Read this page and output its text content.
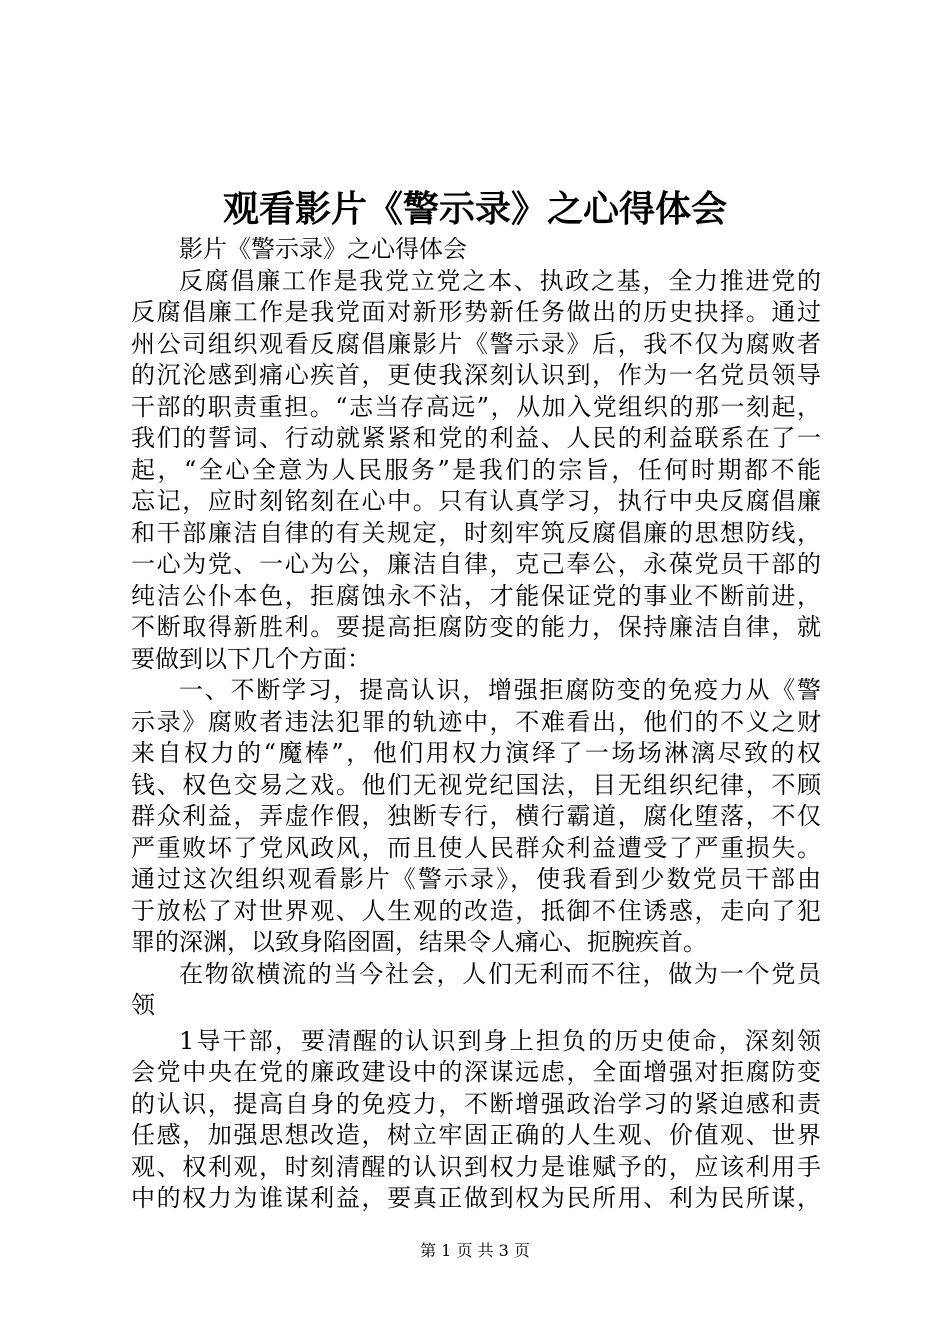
观看影片《警示录》之心得体会
影片《警示录》之心得体会
反腐倡廉工作是我党立党之本、执政之基，全力推进党的
反腐倡廉工作是我党面对新形势新任务做出的历史抉择。通过
州公司组织观看反腐倡廉影片《警示录》后，我不仅为腐败者
的沉沦感到痛心疾首，更使我深刻认识到，作为一名党员领导
干部的职责重担。“志当存高远”，从加入党组织的那一刻起，
我们的誓词、行动就紧紧和党的利益、人民的利益联系在了一
起，“全心全意为人民服务”是我们的宗旨，任何时期都不能
忘记，应时刻铭刻在心中。只有认真学习，执行中央反腐倡廉
和干部廉洁自律的有关规定，时刻牢筑反腐倡廉的思想防线，
一心为党、一心为公，廉洁自律，克己奉公，永葆党员干部的
纯洁公仆本色，拒腐蚀永不沾，才能保证党的事业不断前进，
不断取得新胜利。要提高拒腐防变的能力，保持廉洁自律，就
要做到以下几个方面：
一、不断学习，提高认识，增强拒腐防变的免疫力从《警
示录》腐败者违法犯罪的轨迹中，不难看出，他们的不义之财
来自权力的“魔棒”，他们用权力演绎了一场场淋漓尽致的权
钱、权色交易之戏。他们无视党纪国法，目无组织纪律，不顾
群众利益，弄虚作假，独断专行，横行霸道，腐化堕落，不仅
严重败坏了党风政风，而且使人民群众利益遭受了严重损失。
通过这次组织观看影片《警示录》，使我看到少数党员干部由
于放松了对世界观、人生观的改造，抵御不住诱惑，走向了犯
罪的深渊，以致身陷囹圄，结果令人痛心、扼腕疾首。
在物欲横流的当今社会，人们无利而不往，做为一个党员
领
1导干部，要清醒的认识到身上担负的历史使命，深刻领
会党中央在党的廉政建设中的深谋远虑，全面增强对拒腐防变
的认识，提高自身的免疫力，不断增强政治学习的紧迫感和责
任感，加强思想改造，树立牢固正确的人生观、价值观、世界
观、权利观，时刻清醒的认识到权力是谁赋予的，应该利用手
中的权力为谁谋利益，要真正做到权为民所用、利为民所谋，
第 1 页 共 3 页
